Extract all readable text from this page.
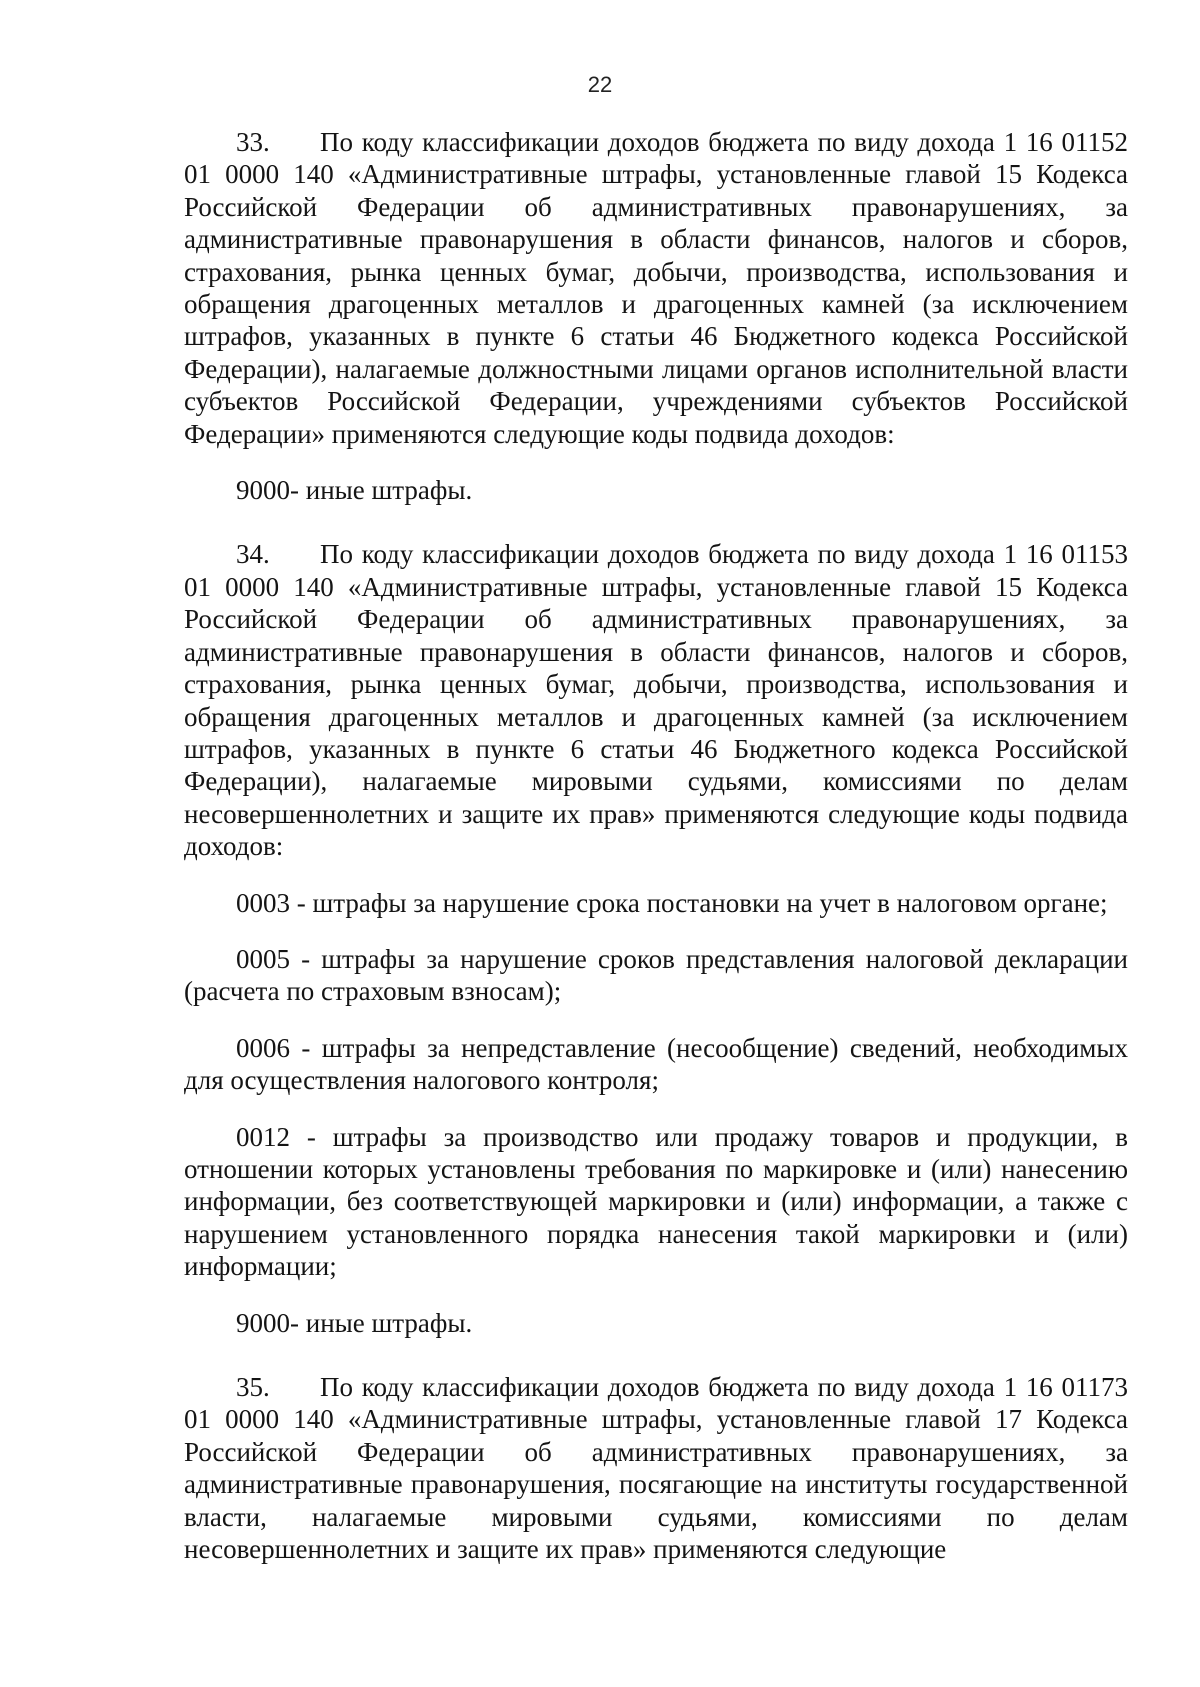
22

33. По коду классификации доходов бюджета по виду дохода 1 16 01152 01 0000 140 «Административные штрафы, установленные главой 15 Кодекса Российской Федерации об административных правонарушениях, за административные правонарушения в области финансов, налогов и сборов, страхования, рынка ценных бумаг, добычи, производства, использования и обращения драгоценных металлов и драгоценных камней (за исключением штрафов, указанных в пункте 6 статьи 46 Бюджетного кодекса Российской Федерации), налагаемые должностными лицами органов исполнительной власти субъектов Российской Федерации, учреждениями субъектов Российской Федерации» применяются следующие коды подвида доходов:

9000- иные штрафы.

34. По коду классификации доходов бюджета по виду дохода 1 16 01153 01 0000 140 «Административные штрафы, установленные главой 15 Кодекса Российской Федерации об административных правонарушениях, за административные правонарушения в области финансов, налогов и сборов, страхования, рынка ценных бумаг, добычи, производства, использования и обращения драгоценных металлов и драгоценных камней (за исключением штрафов, указанных в пункте 6 статьи 46 Бюджетного кодекса Российской Федерации), налагаемые мировыми судьями, комиссиями по делам несовершеннолетних и защите их прав» применяются следующие коды подвида доходов:

0003 - штрафы за нарушение срока постановки на учет в налоговом органе;

0005 - штрафы за нарушение сроков представления налоговой декларации (расчета по страховым взносам);

0006 - штрафы за непредставление (несообщение) сведений, необходимых для осуществления налогового контроля;

0012 - штрафы за производство или продажу товаров и продукции, в отношении которых установлены требования по маркировке и (или) нанесению информации, без соответствующей маркировки и (или) информации, а также с нарушением установленного порядка нанесения такой маркировки и (или) информации;

9000- иные штрафы.

35. По коду классификации доходов бюджета по виду дохода 1 16 01173 01 0000 140 «Административные штрафы, установленные главой 17 Кодекса Российской Федерации об административных правонарушениях, за административные правонарушения, посягающие на институты государственной власти, налагаемые мировыми судьями, комиссиями по делам несовершеннолетних и защите их прав» применяются следующие
